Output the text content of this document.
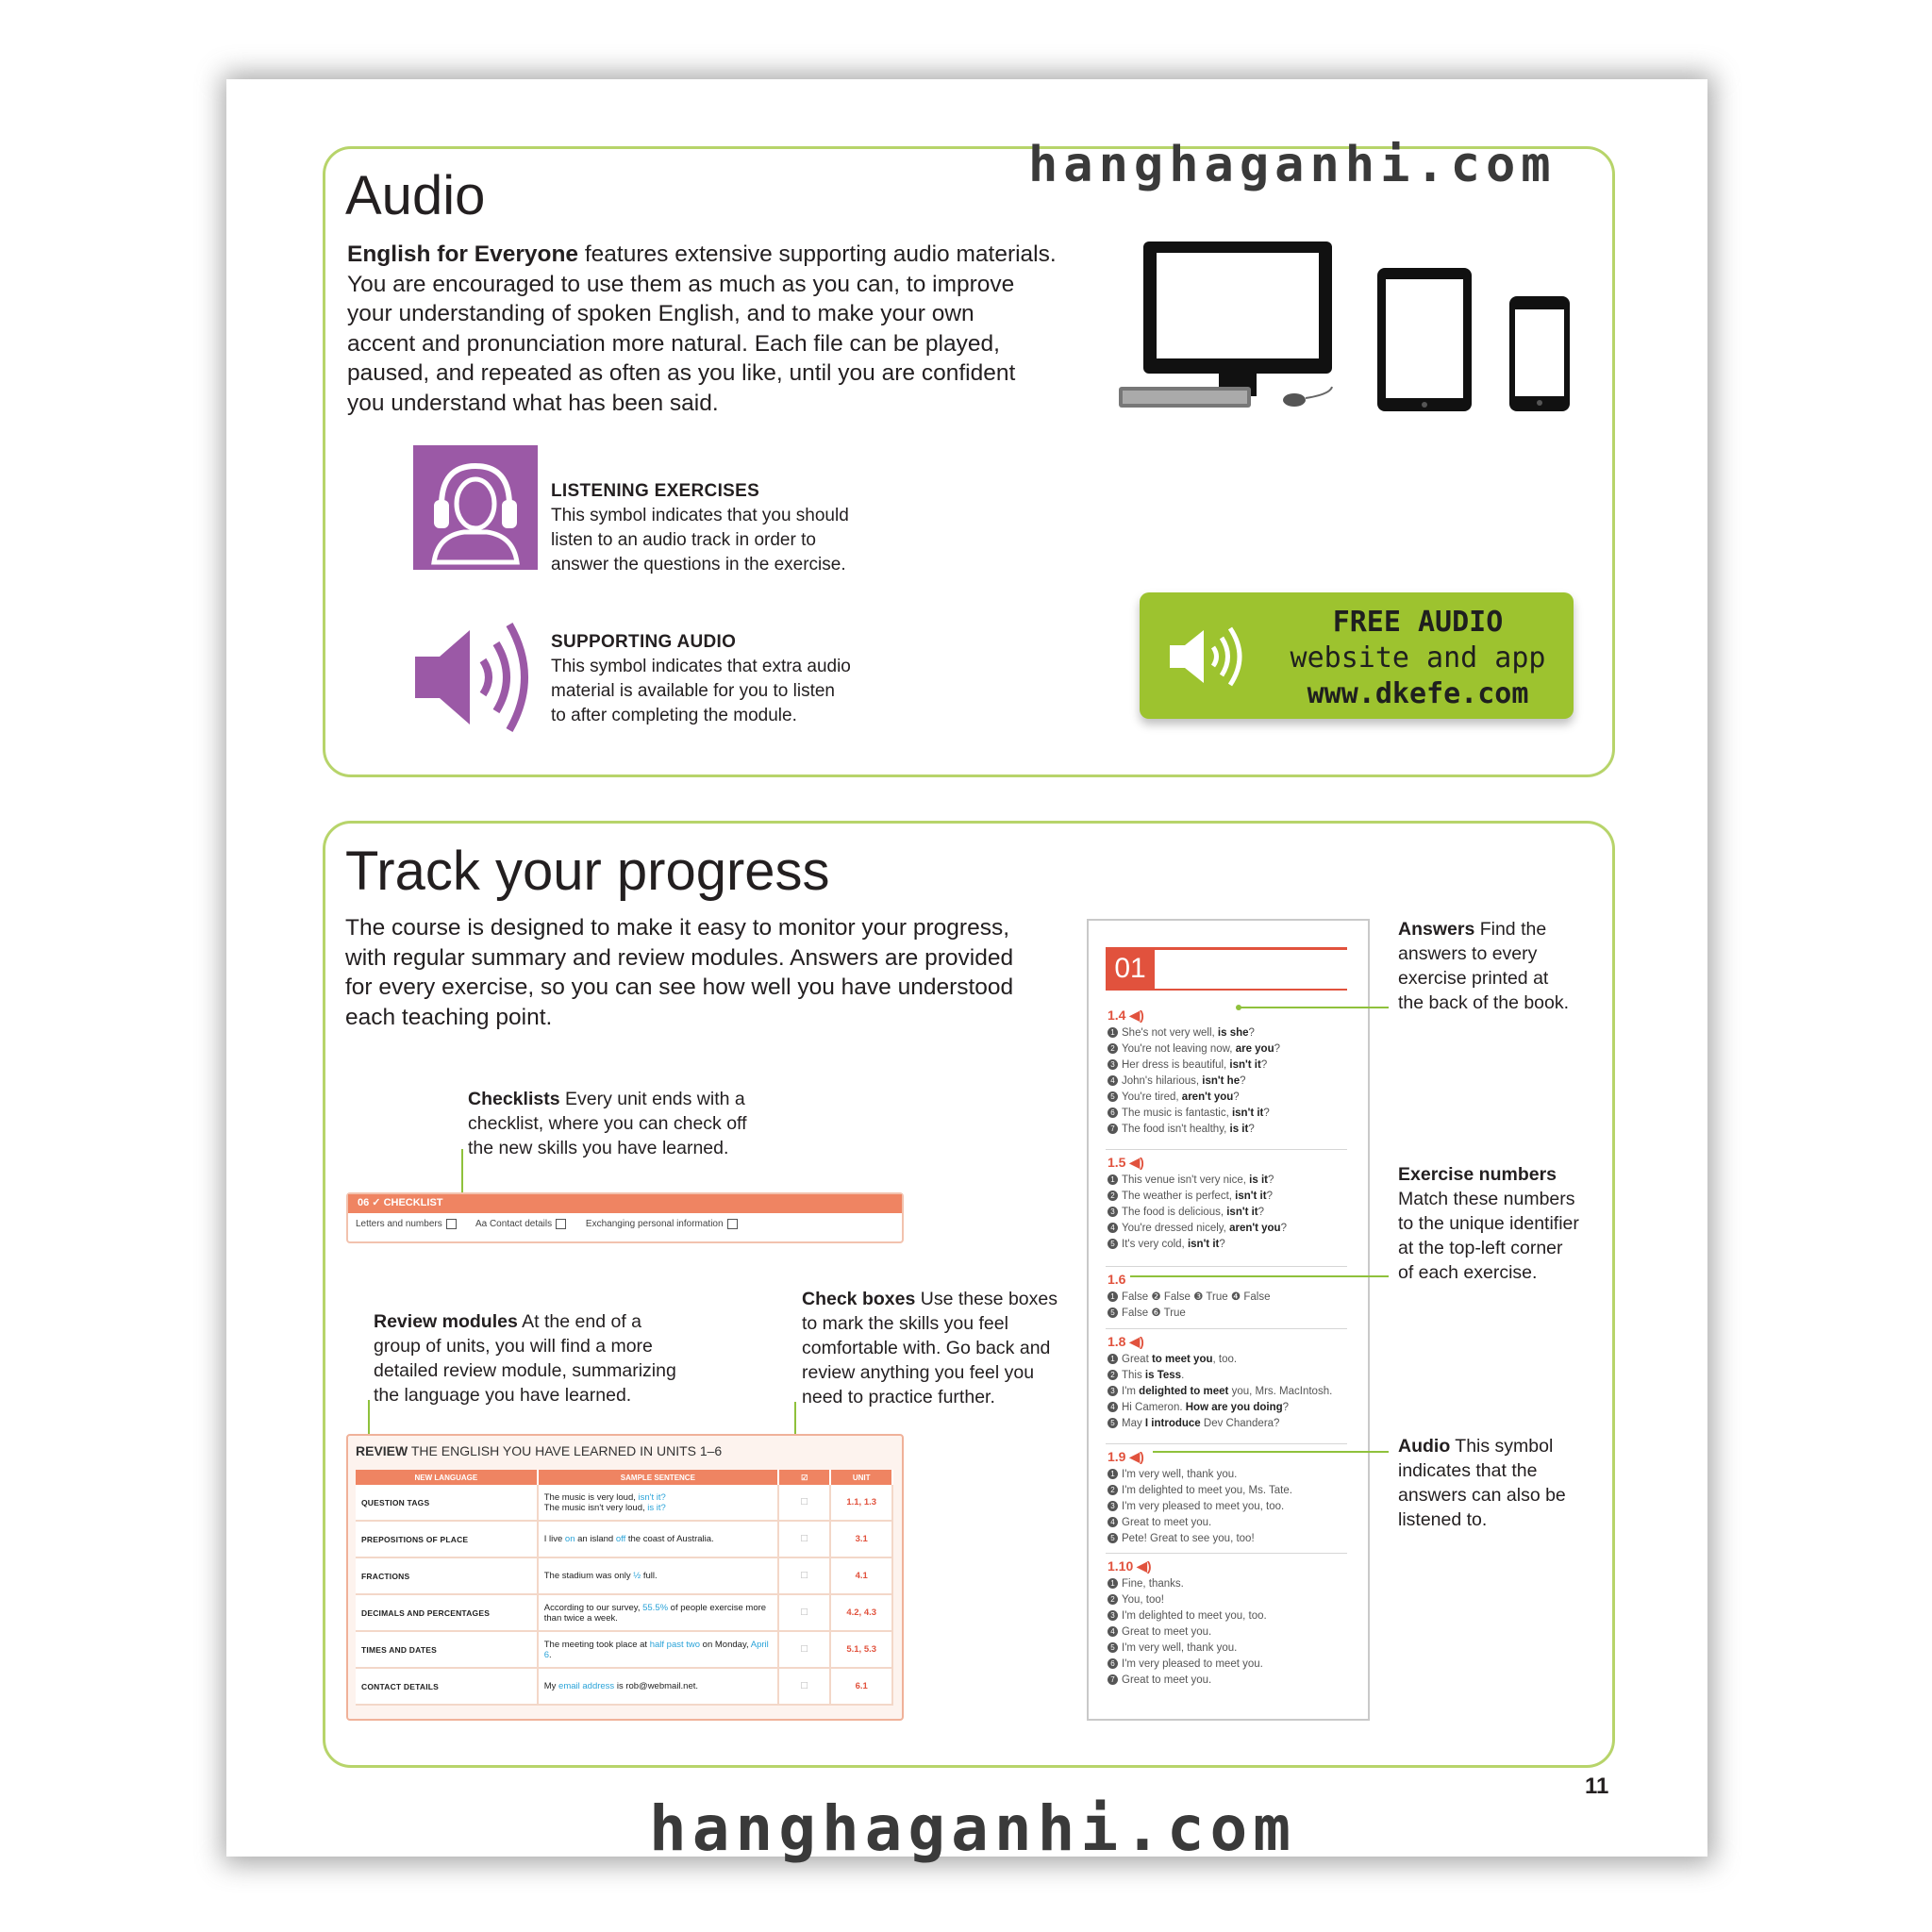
hanghaganhi.com
Audio

English for Everyone features extensive supporting audio materials.
You are encouraged to use them as much as you can, to improve
your understanding of spoken English, and to make your own
accent and pronunciation more natural. Each file can be played,
paused, and repeated as often as you like, until you are confident
you understand what has been said.

LISTENING EXERCISES
This symbol indicates that you should
listen to an audio track in order to
answer the questions in the exercise.
SUPPORTING AUDIO
This symbol indicates that extra audio
material is available for you to listen
to after completing the module.
FREE AUDIO
website and app
www.dkefe.com
Track your progress

The course is designed to make it easy to monitor your progress,
with regular summary and review modules. Answers are provided
for every exercise, so you can see how well you have understood
each teaching point.

Checklists Every unit ends with a
checklist, where you can check off
the new skills you have learned.

06 ✓ CHECKLIST
Letters and numbers	Aa Contact details	Exchanging personal information

Review modules At the end of a
group of units, you will find a more
detailed review module, summarizing
the language you have learned.

Check boxes Use these boxes
to mark the skills you feel
comfortable with. Go back and
review anything you feel you
need to practice further.

REVIEW THE ENGLISH YOU HAVE LEARNED IN UNITS 1–6
NEW LANGUAGE	SAMPLE SENTENCE	☑	UNIT
QUESTION TAGS	The music is very loud, isn't it?
The music isn't very loud, is it?	☐	1.1, 1.3
PREPOSITIONS OF PLACE	I live on an island off the coast of Australia.	☐	3.1
FRACTIONS	The stadium was only ½ full.	☐	4.1
DECIMALS AND PERCENTAGES	According to our survey, 55.5% of people exercise more than twice a week.	☐	4.2, 4.3
TIMES AND DATES	The meeting took place at half past two on Monday, April 6.	☐	5.1, 5.3
CONTACT DETAILS	My email address is rob@webmail.net.	☐	6.1
01
1.4 ◀)
1 She's not very well, is she?
2 You're not leaving now, are you?
3 Her dress is beautiful, isn't it?
4 John's hilarious, isn't he?
5 You're tired, aren't you?
6 The music is fantastic, isn't it?
7 The food isn't healthy, is it?
1.5 ◀)
1 This venue isn't very nice, is it?
2 The weather is perfect, isn't it?
3 The food is delicious, isn't it?
4 You're dressed nicely, aren't you?
5 It's very cold, isn't it?
1.6
1 False ❷ False ❸ True ❹ False
5 False ❻ True
1.8 ◀)
1 Great to meet you, too.
2 This is Tess.
3 I'm delighted to meet you, Mrs. MacIntosh.
4 Hi Cameron. How are you doing?
5 May I introduce Dev Chandera?
1.9 ◀)
1 I'm very well, thank you.
2 I'm delighted to meet you, Ms. Tate.
3 I'm very pleased to meet you, too.
4 Great to meet you.
5 Pete! Great to see you, too!
1.10 ◀)
1 Fine, thanks.
2 You, too!
3 I'm delighted to meet you, too.
4 Great to meet you.
5 I'm very well, thank you.
6 I'm very pleased to meet you.
7 Great to meet you.

Answers Find the
answers to every
exercise printed at
the back of the book.

Exercise numbers
Match these numbers
to the unique identifier
at the top-left corner
of each exercise.

Audio This symbol
indicates that the
answers can also be
listened to.

11
hanghaganhi.com
